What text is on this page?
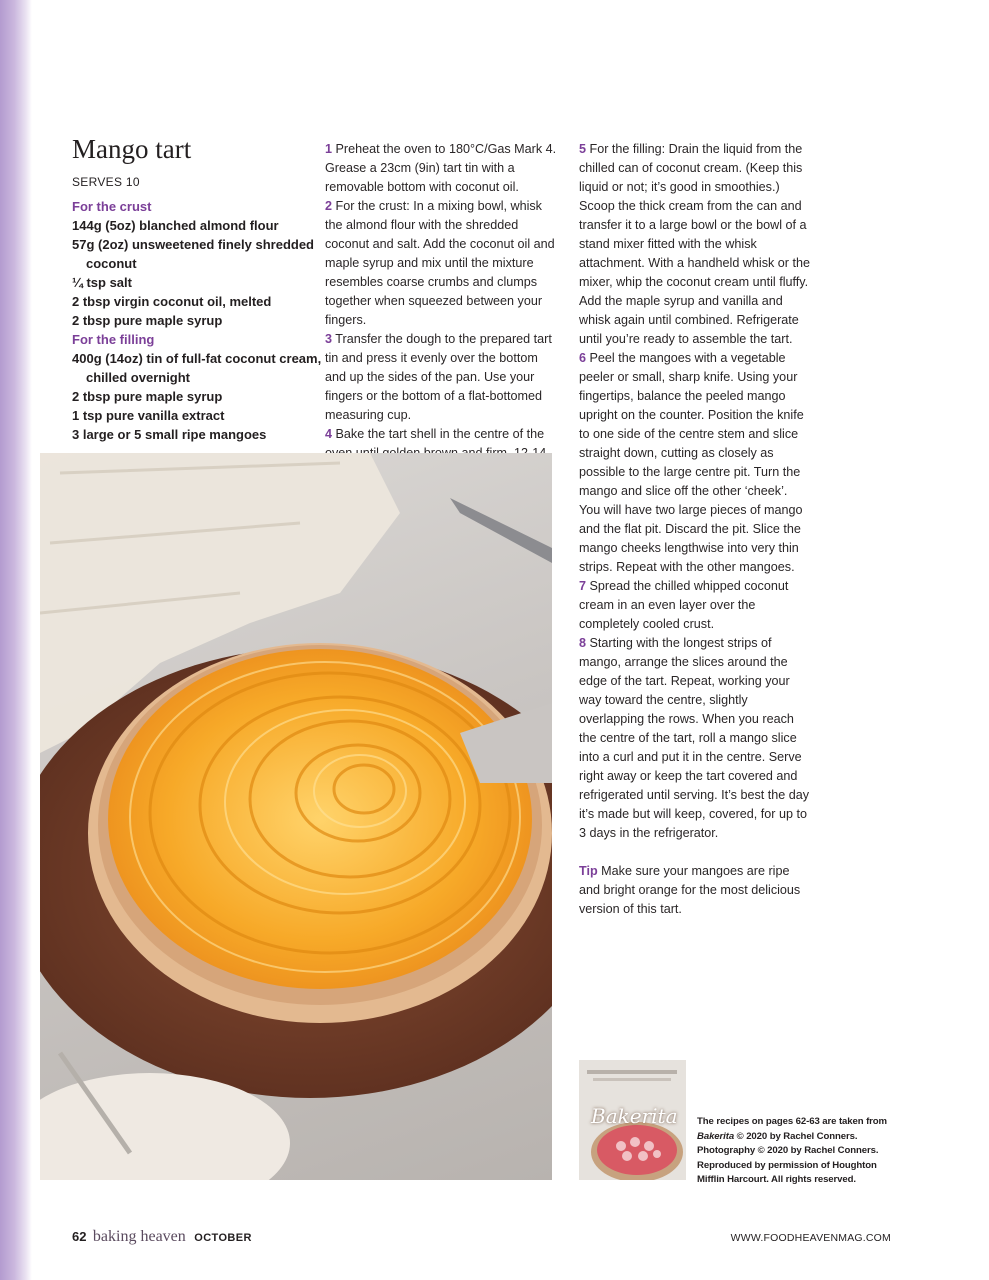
Mango tart
SERVES 10
For the crust
144g (5oz) blanched almond flour
57g (2oz) unsweetened finely shredded coconut
¼ tsp salt
2 tbsp virgin coconut oil, melted
2 tbsp pure maple syrup
For the filling
400g (14oz) tin of full-fat coconut cream, chilled overnight
2 tbsp pure maple syrup
1 tsp pure vanilla extract
3 large or 5 small ripe mangoes

1 Preheat the oven to 180°C/Gas Mark 4. Grease a 23cm (9in) tart tin with a removable bottom with coconut oil.

2 For the crust: In a mixing bowl, whisk the almond flour with the shredded coconut and salt. Add the coconut oil and maple syrup and mix until the mixture resembles coarse crumbs and clumps together when squeezed between your fingers.

3 Transfer the dough to the prepared tart tin and press it evenly over the bottom and up the sides of the pan. Use your fingers or the bottom of a flat-bottomed measuring cup.

4 Bake the tart shell in the centre of the

5 For the filling: Drain the liquid from the chilled can of coconut cream. (Keep this liquid or not; it’s good in smoothies.) Scoop the thick cream from the can and transfer it to a large bowl or the bowl of a stand mixer fitted with the whisk attachment. With a handheld whisk or the mixer, whip the coconut cream until fluffy. Add the maple syrup and vanilla and whisk again until combined. Refrigerate until you’re ready to assemble the tart.

6 Peel the mangoes with a vegetable peeler or small, sharp knife. Using your fingertips, balance the peeled mango upright on the counter. Position the knife to one side of the centre stem and slice straight down, cutting as closely as possible to the large centre pit. Turn the mango and slice off the other ‘cheek’. You will have two large pieces of mango and the flat pit. Discard the pit. Slice the mango cheeks lengthwise into very thin strips. Repeat with the other mangoes.

7 Spread the chilled whipped coconut cream in an even layer over the completely cooled crust.

8 Starting with the longest strips of mango, arrange the slices around the edge of the tart. Repeat, working your way toward the centre, slightly overlapping the rows. When you reach the centre of the tart, roll a mango slice into a curl and put it in the centre. Serve right away or keep the tart covered and refrigerated until serving. It’s best the day it’s made but will keep, covered, for up to 3 days in the refrigerator.

Tip Make sure your mangoes are ripe and bright orange for the most delicious version of this tart.

Bakerita The recipes on pages 62-63 are taken from Bakerita © 2020 by Rachel Conners. Photography © 2020 by Rachel Conners. Reproduced by permission of Houghton Mifflin Harcourt. All rights reserved.
62 baking heaven OCTOBER	WWW.FOODHEAVENMAG.COM
